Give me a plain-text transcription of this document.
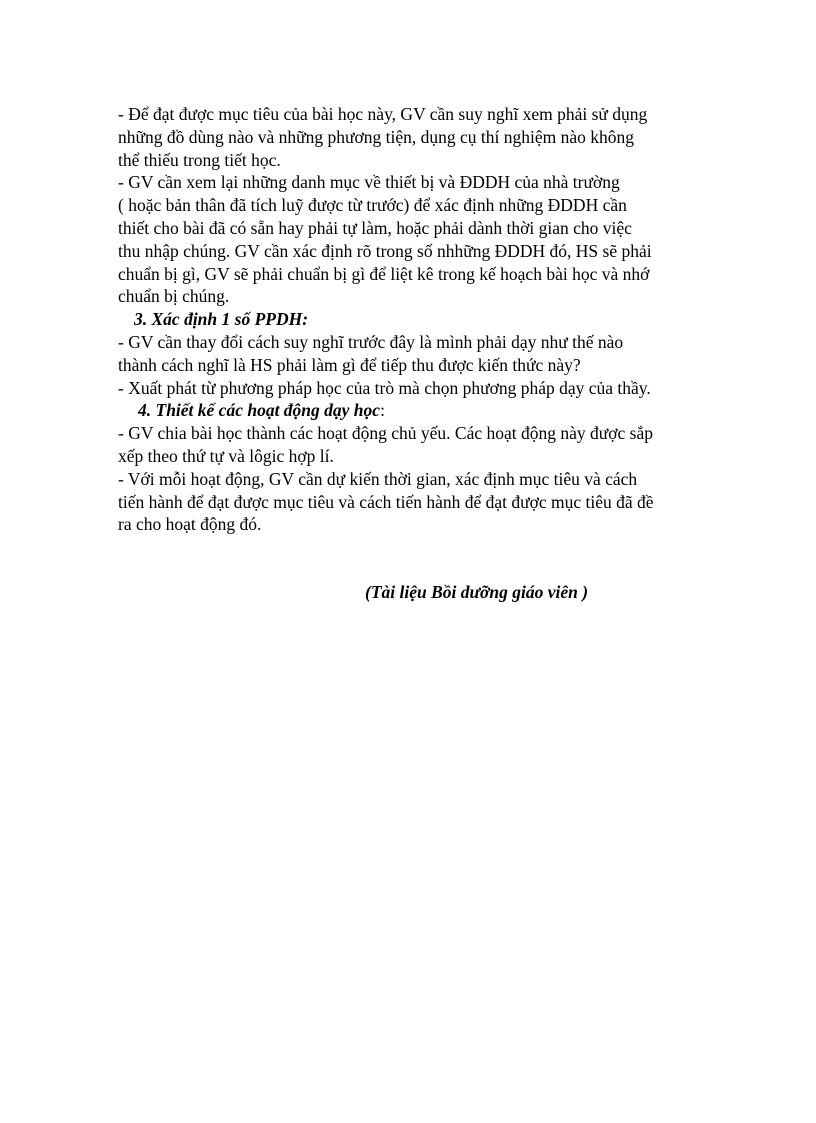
- Để đạt được mục tiêu của bài học này, GV cần suy nghĩ xem phải sử dụng
những đồ dùng nào và những phương tiện, dụng cụ thí nghiệm nào không
thể thiếu trong tiết học.
- GV cần xem lại những danh mục về thiết bị và ĐDDH của nhà trường
( hoặc bản thân đã tích luỹ được từ trước) để xác định những ĐDDH cần
thiết cho bài đã có sẵn hay phải tự làm, hoặc phải dành thời gian cho việc
thu nhập chúng. GV cần xác định rõ trong số nhhững ĐDDH đó, HS sẽ phải
chuẩn bị gì, GV sẽ phải chuẩn bị gì để liệt kê trong kế hoạch bài học và nhớ
chuẩn bị chúng.
3. Xác định 1 số PPDH:
- GV cần thay đổi cách suy nghĩ trước đây là mình phải dạy như thế nào
thành cách nghĩ là HS phải làm gì để tiếp thu được kiến thức này?
- Xuất phát từ phương pháp học của trò mà chọn phương pháp dạy của thầy.
4. Thiết kế các hoạt động dạy học:
- GV chia bài học thành các hoạt động chủ yếu. Các hoạt động này được sắp
xếp theo thứ tự và lôgic hợp lí.
- Với mỗi hoạt động, GV cần dự kiến thời gian, xác định mục tiêu và cách
tiến hành để đạt được mục tiêu và cách tiến hành để đạt được mục tiêu đã đề
ra cho hoạt động đó.
(Tài liệu Bồi dưỡng giáo viên )
